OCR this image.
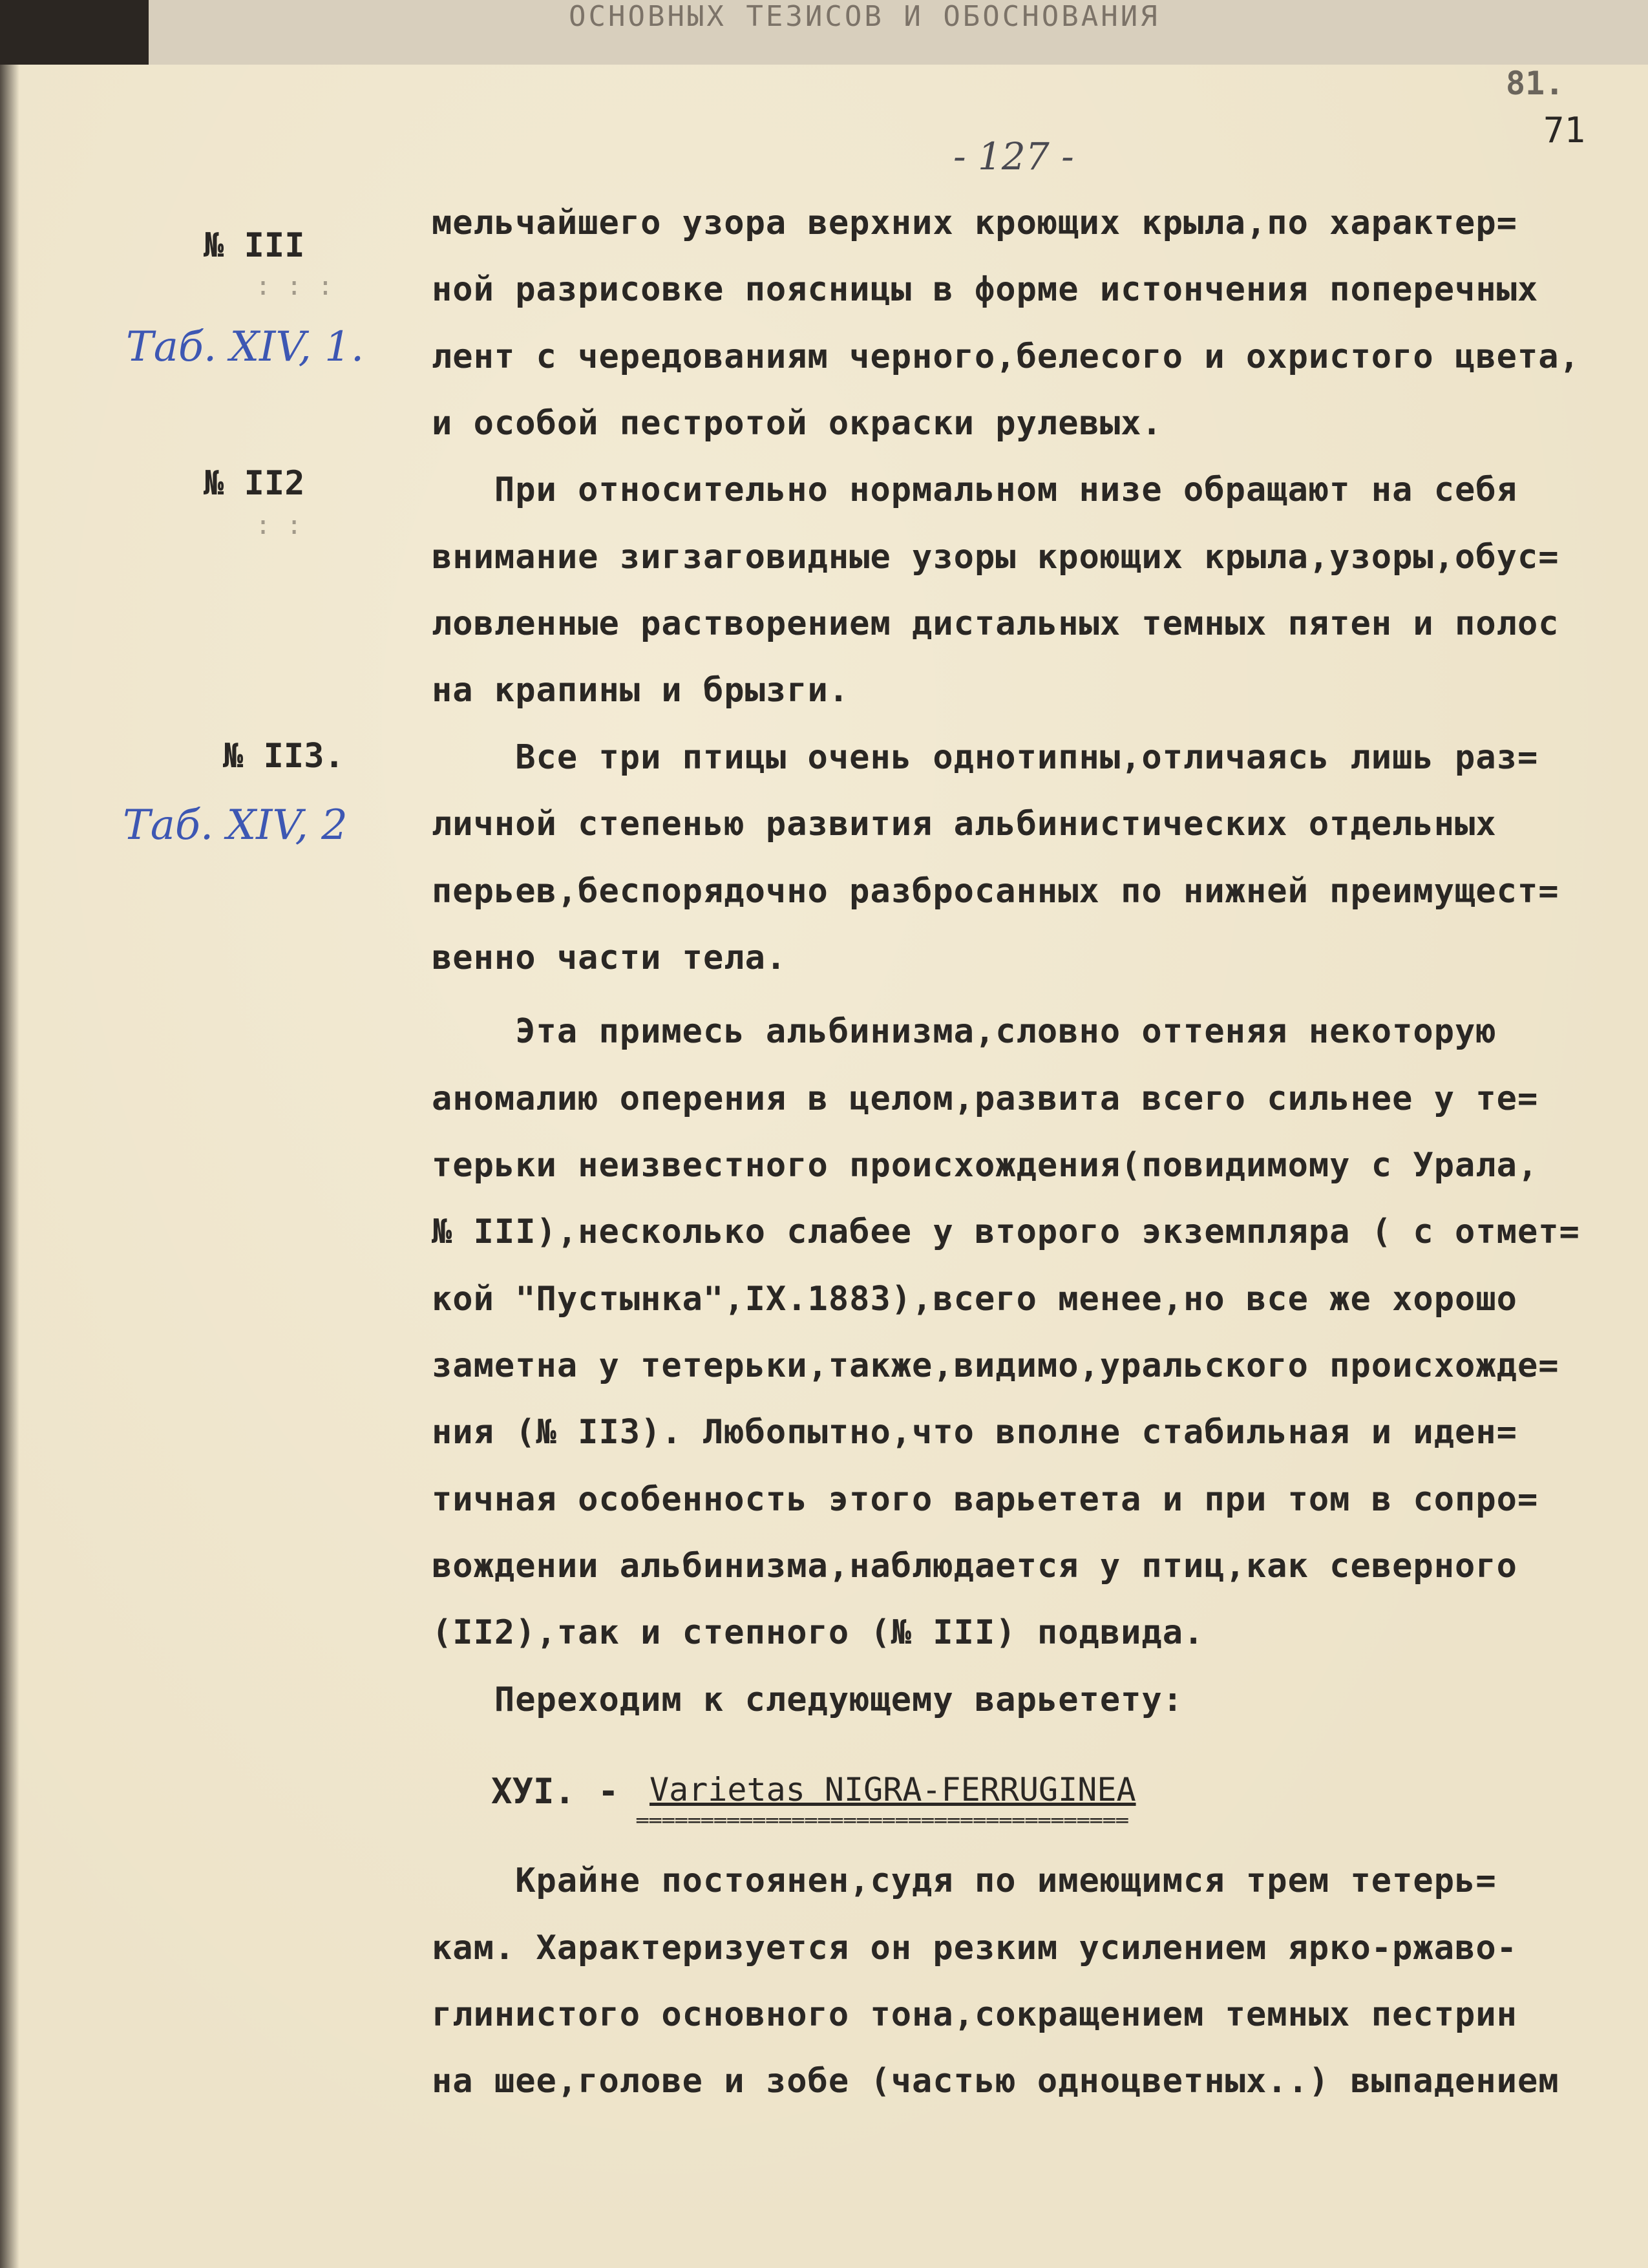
ОСНОВНЫХ ТЕЗИСОВ И ОБОСНОВАНИЯ
81.
71
- 127 -
№ III
: : :
Таб. XIV, 1.
№ II2
: :
№ II3.
Таб. XIV, 2
мельчайшего узора верхних кроющих крыла,по характер=
ной разрисовке поясницы в форме истончения поперечных
лент с чередованиям черного,белесого и охристого цвета,
и особой пестротой окраски рулевых.
При относительно нормальном низе обращают на себя
внимание зигзаговидные узоры кроющих крыла,узоры,обус=
ловленные растворением дистальных темных пятен и полос
на крапины и брызги.
Все три птицы очень однотипны,отличаясь лишь раз=
личной степенью развития альбинистических отдельных
перьев,беспорядочно разбросанных по нижней преимущест=
венно части тела.
Эта примесь альбинизма,словно оттеняя некоторую
аномалию оперения в целом,развита всего сильнее у те=
терьки неизвестного происхождения(повидимому с Урала,
№ III),несколько слабее у второго экземпляра ( с отмет=
кой "Пустынка",IX.1883),всего менее,но все же хорошо
заметна у тетерьки,также,видимо,уральского происхожде=
ния (№ II3). Любопытно,что вполне стабильная и иден=
тичная особенность этого варьетета и при том в сопро=
вождении альбинизма,наблюдается у птиц,как северного
(II2),так и степного (№ III) подвида.
Переходим к следующему варьетету:
ХУI. - Varietas NIGRA-FERRUGINEA
══════════════════════════════════════
Крайне постоянен,судя по имеющимся трем тетерь=
кам. Характеризуется он резким усилением ярко-ржаво-
глинистого основного тона,сокращением темных пестрин
на шее,голове и зобе (частью одноцветных..) выпадением
